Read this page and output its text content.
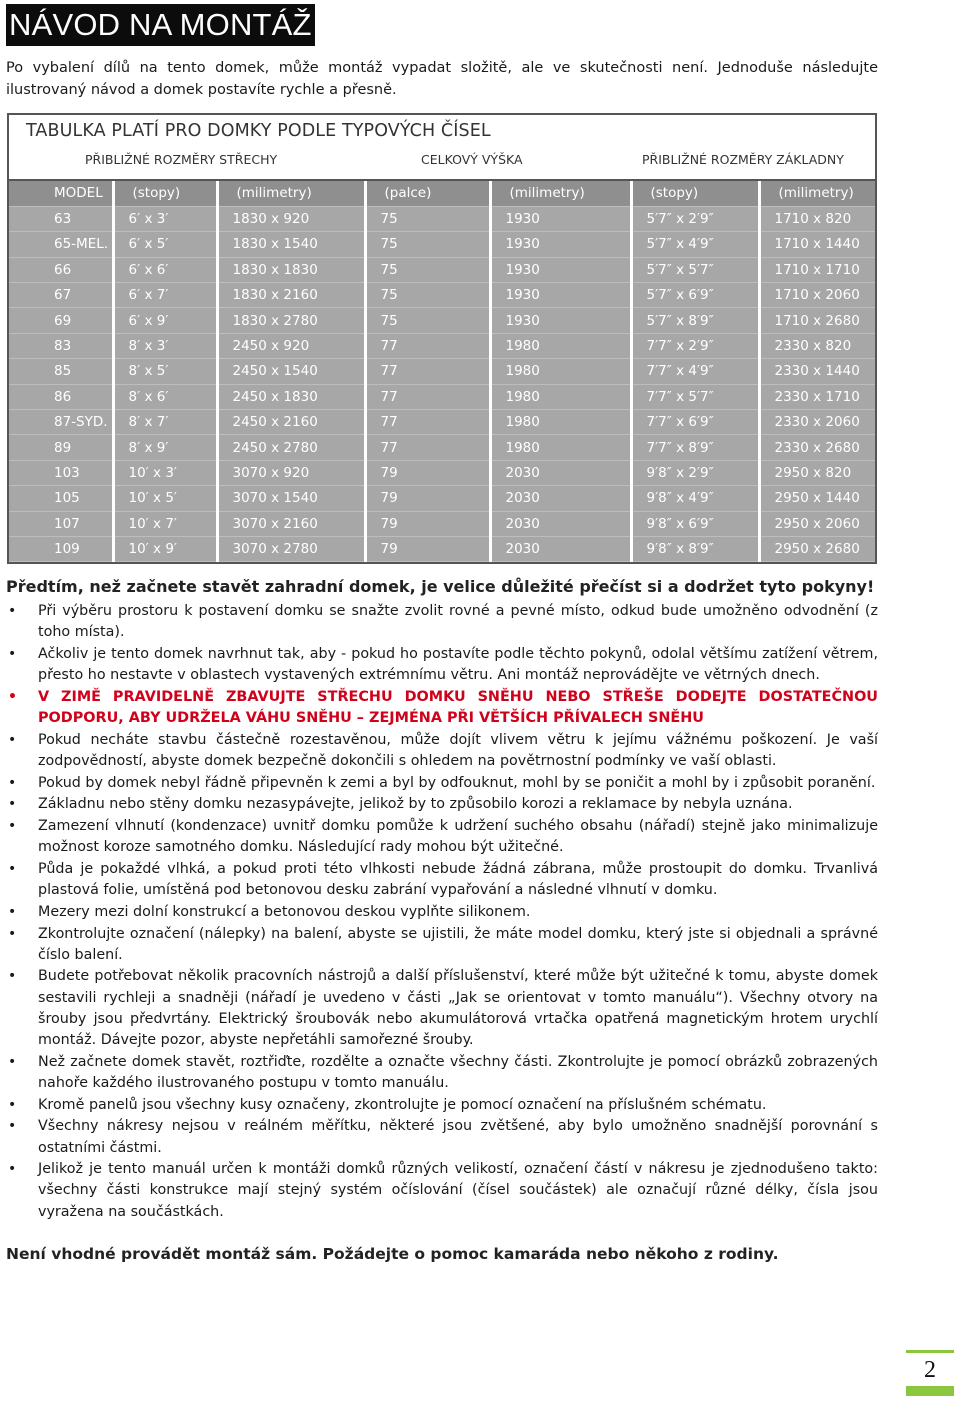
NÁVOD NA MONTÁŽ

Po vybalení dílů na tento domek, může montáž vypadat složitě, ale ve skutečnosti není. Jednoduše následujte ilustrovaný návod a domek postavíte rychle a přesně.

TABULKA PLATÍ PRO DOMKY PODLE TYPOVÝCH ČÍSEL
PŘIBLIŽNÉ ROZMĚRY STŘECHY	CELKOVÝ VÝŠKA	PŘIBLIŽNÉ ROZMĚRY ZÁKLADNY
MODEL	(stopy)	(milimetry)	(palce)	(milimetry)	(stopy)	(milimetry)
63	6′ x 3′	1830 x 920	75	1930	5′7″ x 2′9″	1710 x 820
65-MEL.	6′ x 5′	1830 x 1540	75	1930	5′7″ x 4′9″	1710 x 1440
66	6′ x 6′	1830 x 1830	75	1930	5′7″ x 5′7″	1710 x 1710
67	6′ x 7′	1830 x 2160	75	1930	5′7″ x 6′9″	1710 x 2060
69	6′ x 9′	1830 x 2780	75	1930	5′7″ x 8′9″	1710 x 2680
83	8′ x 3′	2450 x 920	77	1980	7′7″ x 2′9″	2330 x 820
85	8′ x 5′	2450 x 1540	77	1980	7′7″ x 4′9″	2330 x 1440
86	8′ x 6′	2450 x 1830	77	1980	7′7″ x 5′7″	2330 x 1710
87-SYD.	8′ x 7′	2450 x 2160	77	1980	7′7″ x 6′9″	2330 x 2060
89	8′ x 9′	2450 x 2780	77	1980	7′7″ x 8′9″	2330 x 2680
103	10′ x 3′	3070 x 920	79	2030	9′8″ x 2′9″	2950 x 820
105	10′ x 5′	3070 x 1540	79	2030	9′8″ x 4′9″	2950 x 1440
107	10′ x 7′	3070 x 2160	79	2030	9′8″ x 6′9″	2950 x 2060
109	10′ x 9′	3070 x 2780	79	2030	9′8″ x 8′9″	2950 x 2680
Předtím, než začnete stavět zahradní domek, je velice důležité přečíst si a dodržet tyto pokyny!
• Při výběru prostoru k postavení domku se snažte zvolit rovné a pevné místo, odkud bude umožněno odvodnění (z toho místa).
• Ačkoliv je tento domek navrhnut tak, aby - pokud ho postavíte podle těchto pokynů, odolal většímu zatížení větrem, přesto ho nestavte v oblastech vystavených extrémnímu větru. Ani montáž neprovádějte ve větrných dnech.
• V ZIMĚ PRAVIDELNĚ ZBAVUJTE STŘECHU DOMKU SNĚHU NEBO STŘEŠE DODEJTE DOSTATEČNOU PODPORU, ABY UDRŽELA VÁHU SNĚHU – ZEJMÉNA PŘI VĚTŠÍCH PŘÍVALECH SNĚHU
• Pokud necháte stavbu částečně rozestavěnou, může dojít vlivem větru k jejímu vážnému poškození. Je vaší zodpovědností, abyste domek bezpečně dokončili s ohledem na povětrnostní podmínky ve vaší oblasti.
• Pokud by domek nebyl řádně připevněn k zemi a byl by odfouknut, mohl by se poničit a mohl by i způsobit poranění.
• Základnu nebo stěny domku nezasypávejte, jelikož by to způsobilo korozi a reklamace by nebyla uznána.
• Zamezení vlhnutí (kondenzace) uvnitř domku pomůže k udržení suchého obsahu (nářadí) stejně jako minimalizuje možnost koroze samotného domku. Následující rady mohou být užitečné.
• Půda je pokaždé vlhká, a pokud proti této vlhkosti nebude žádná zábrana, může prostoupit do domku. Trvanlivá plastová folie, umístěná pod betonovou desku zabrání vypařování a následné vlhnutí v domku.
• Mezery mezi dolní konstrukcí a betonovou deskou vyplňte silikonem.
• Zkontrolujte označení (nálepky) na balení, abyste se ujistili, že máte model domku, který jste si objednali a správné číslo balení.
• Budete potřebovat několik pracovních nástrojů a další příslušenství, které může být užitečné k tomu, abyste domek sestavili rychleji a snadněji (nářadí je uvedeno v části „Jak se orientovat v tomto manuálu“). Všechny otvory na šrouby jsou předvrtány. Elektrický šroubovák nebo akumulátorová vrtačka opatřená magnetickým hrotem urychlí montáž. Dávejte pozor, abyste nepřetáhli samořezné šrouby.
• Než začnete domek stavět, roztřiďte, rozdělte a označte všechny části. Zkontrolujte je pomocí obrázků zobrazených nahoře každého ilustrovaného postupu v tomto manuálu.
• Kromě panelů jsou všechny kusy označeny, zkontrolujte je pomocí označení na příslušném schématu.
• Všechny nákresy nejsou v reálném měřítku, některé jsou zvětšené, aby bylo umožněno snadnější porovnání s ostatními částmi.
• Jelikož je tento manuál určen k montáži domků různých velikostí, označení částí v nákresu je zjednodušeno takto: všechny části konstrukce mají stejný systém očíslování (čísel součástek) ale označují různé délky, čísla jsou vyražena na součástkách.
Není vhodné provádět montáž sám. Požádejte o pomoc kamaráda nebo někoho z rodiny.
2
